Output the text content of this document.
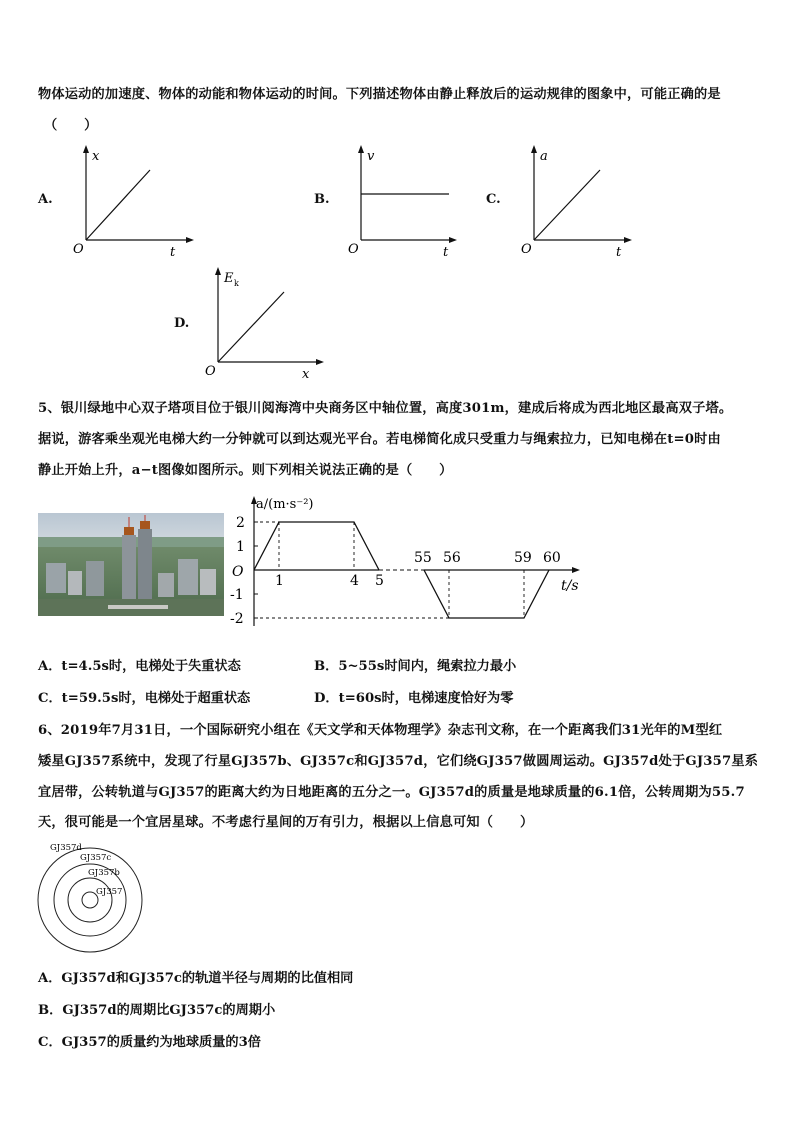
物体运动的加速度、物体的动能和物体运动的时间。下列描述物体由静止释放后的运动规律的图象中，可能正确的是
（　　）
A.
x
t
O
B.
v
t
O
C.
a
t
O
D.
E k
x
O
5、银川绿地中心双子塔项目位于银川阅海湾中央商务区中轴位置，高度301m，建成后将成为西北地区最高双子塔。
据说，游客乘坐观光电梯大约一分钟就可以到达观光平台。若电梯简化成只受重力与绳索拉力，已知电梯在t=0时由
静止开始上升，a−t图像如图所示。则下列相关说法正确的是（　　）
2
1
-1
-2
O
1	4 5
55 56	59 60
a/(m·s⁻²)
t/s
A．t=4.5s时，电梯处于失重状态	B．5~55s时间内，绳索拉力最小
C．t=59.5s时，电梯处于超重状态	D．t=60s时，电梯速度恰好为零
6、2019年7月31日，一个国际研究小组在《天文学和天体物理学》杂志刊文称，在一个距离我们31光年的M型红
矮星GJ357系统中，发现了行星GJ357b、GJ357c和GJ357d，它们绕GJ357做圆周运动。GJ357d处于GJ357星系
宜居带，公转轨道与GJ357的距离大约为日地距离的五分之一。GJ357d的质量是地球质量的6.1倍，公转周期为55.7
天，很可能是一个宜居星球。不考虑行星间的万有引力，根据以上信息可知（　　）
GJ357d
GJ357c
GJ357b
GJ357
A．GJ357d和GJ357c的轨道半径与周期的比值相同
B．GJ357d的周期比GJ357c的周期小
C．GJ357的质量约为地球质量的3倍
